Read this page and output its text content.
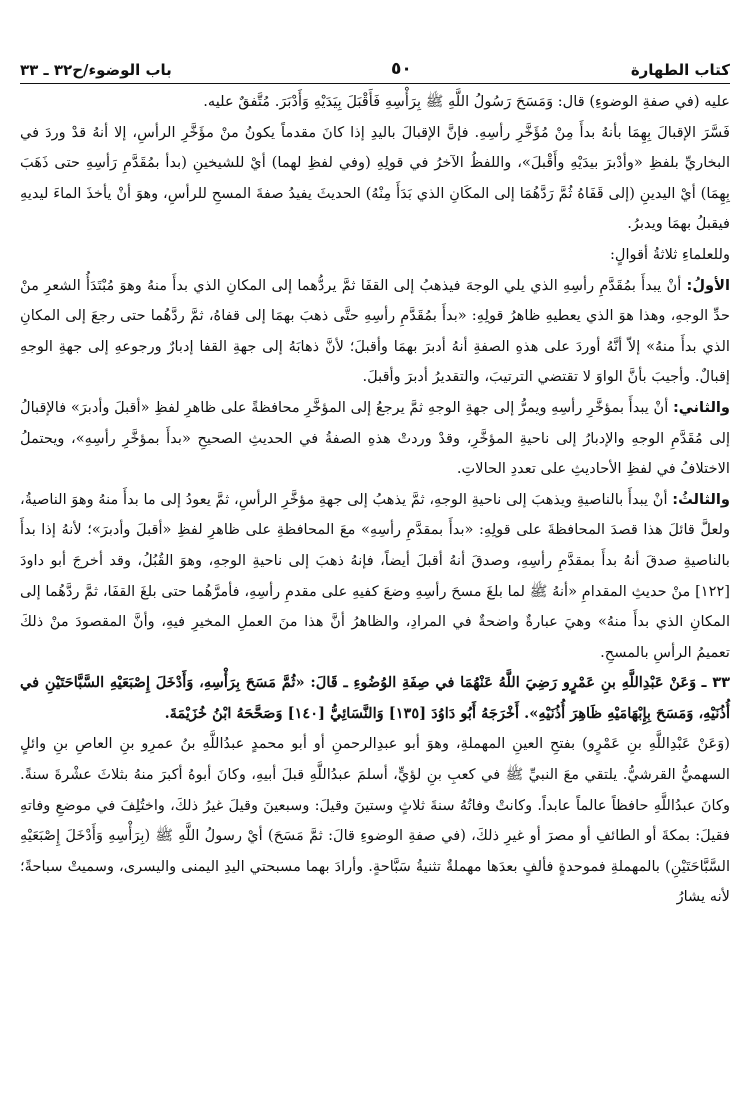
كتاب الطهارة
٥٠
باب الوضوء/ح٣٢ ـ ٣٣

عليه (في صفةِ الوضوءِ) قال: وَمَسَحَ رَسُولُ اللَّهِ ﷺ بِرَأْسِهِ فَأَقْبَلَ بِيَدَيْهِ وَأَدْبَرَ. مُتَّفقٌ عليه.

فَسَّرَ الإقبالَ بِهِمَا بأنهُ بدأَ مِنْ مُؤَخَّرِ رأسِهِ. فإنَّ الإقبالَ باليدِ إذا كانَ مقدماً يكونُ منْ مؤَخَّرِ الرأسِ، إلا أنهُ قدْ وردَ في البخاريِّ بلفظِ «وأدْبرَ بيدَيْهِ وأَقْبلَ»، واللفظُ الآخرُ في قولِهِ (وفي لفظِ لهما) أيْ للشيخينِ (بدأ بمُقَدَّمِ رَأسِهِ حتى ذَهَبَ بِهِمَا) أيْ اليدينِ (إلى قَفَاهُ ثُمَّ رَدَّهُمَا إلى المكَانِ الذي بَدَأَ مِنْهُ) الحديثَ يفيدُ صفةَ المسحِ للرأسِ، وهوَ أنْ يأخذَ الماءَ ليديهِ فيقبلُ بهمَا ويدبرُ.

وللعلماءِ ثلاثةُ أقوالٍ:

الأولُ: أنْ يبدأَ بمُقَدَّمِ رأسِهِ الذي يلي الوجهَ فيذهبُ إلى القفَا ثمَّ يردُّهما إلى المكانِ الذي بدأَ منهُ وهوَ مُبْتَدَأُ الشعرِ منْ حدِّ الوجهِ، وهذا هوَ الذي يعطيهِ ظاهرُ قولِهِ: «بدأَ بمُقَدَّمِ رأسِهِ حتَّى ذهبَ بهمَا إلى قفاهُ، ثمَّ ردَّهُما حتى رجعَ إلى المكانِ الذي بدأَ منهُ» إلاّ أنَّهُ أوردَ على هذهِ الصفةِ أنهُ أدبرَ بهمَا وأقبلَ؛ لأنَّ ذهابَهُ إلى جهةِ القفا إدبارٌ ورجوعهِ إلى جهةِ الوجهِ إقبالٌ. وأجيبَ بأنَّ الواوَ لا تقتضي الترتيبَ، والتقديرُ أدبرَ وأقبلَ.

والثاني: أنْ يبدأَ بمؤخَّرِ رأسِهِ ويمرُّ إلى جهةِ الوجهِ ثمَّ يرجعُ إلى المؤخَّرِ محافظةً على ظاهرِ لفظِ «أقبلَ وأدبرَ» فالإقبالُ إلى مُقَدَّمِ الوجهِ والإدبارُ إلى ناحيةِ المؤخَّرِ، وقدْ وردتْ هذهِ الصفةُ في الحديثِ الصحيحِ «بدأَ بمؤخَّرِ رأسِهِ»، ويحتملُ الاختلافُ في لفظِ الأحاديثِ على تعددِ الحالاتِ.

والثالثُ: أنْ يبدأَ بالناصيةِ ويذهبَ إلى ناحيةِ الوجهِ، ثمَّ يذهبُ إلى جهةِ مؤخَّرِ الرأسِ، ثمَّ يعودُ إلى ما بدأَ منهُ وهوَ الناصيةُ، ولعلَّ قائلَ هذا قصدَ المحافظةَ على قولِهِ: «بدأَ بمقدَّمِ رأسِهِ» معَ المحافظةِ على ظاهرِ لفظِ «أقبلَ وأدبرَ»؛ لأنهُ إذا بدأَ بالناصيةِ صدقَ أنهُ بدأَ بمقدَّمِ رأسِهِ، وصدقَ أنهُ أقبلَ أيضاً، فإنهُ ذهبَ إلى ناحيةِ الوجهِ، وهوَ القُبُلُ، وقد أخرجَ أبو داودَ [١٢٢] منْ حديثِ المقدامِ «أنهُ ﷺ لما بلغَ مسحَ رأسِهِ وضعَ كفيهِ على مقدمِ رأسِهِ، فأمرَّهُما حتى بلغَ القفَا، ثمَّ ردَّهُما إلى المكانِ الذي بدأَ منهُ» وهيَ عبارةٌ واضحةٌ في المرادِ، والظاهرُ أنَّ هذا منَ العملِ المخيرِ فيهِ، وأنَّ المقصودَ منْ ذلكَ تعميمُ الرأسِ بالمسحِ.

٣٣ ـ وَعَنْ عَبْدِاللَّهِ بنِ عَمْرٍو رَضِيَ اللَّهُ عَنْهُمَا في صِفَةِ الوُضُوءِ ـ قَالَ: «ثُمَّ مَسَحَ بِرَأْسِهِ، وَأَدْخَلَ إِصْبَعَيْهِ السَّبَّاحَتَيْنِ في أُذُنَيْهِ، وَمَسَحَ بِإِبْهَامَيْهِ ظَاهِرَ أُذُنَيْهِ». أَخْرَجَهُ أَبُو دَاوُدَ [١٣٥] وَالنَّسَائِيُّ [١٤٠] وَصَحَّحَهُ ابْنُ خُزَيْمَةَ.

(وَعَنْ عَبْدِاللَّهِ بنِ عَمْرٍو) بفتحِ العينِ المهملةِ، وهوَ أبو عبدِالرحمنِ أو أبو محمدٍ عبدُاللَّهِ بنُ عمرِو بنِ العاصِ بنِ وائلٍ السهميُّ القرشيُّ. يلتقي معَ النبيِّ ﷺ في كعبِ بنِ لؤيٍّ، أسلمَ عبدُاللَّهِ قبلَ أبيهِ، وكانَ أبوهُ أكبرَ منهُ بثلاثَ عشْرةَ سنةً. وكانَ عبدُاللَّهِ حافظاً عالماً عابداً. وكانتْ وفاتُهُ سنةَ ثلاثٍ وستينَ وقيلَ: وسبعينَ وقيلَ غيرُ ذلكَ، واختُلِفَ في موضعِ وفاتهِ فقيلَ: بمكةَ أو الطائفِ أو مصرَ أو غيرِ ذلكَ، (في صفةِ الوضوءِ قالَ: ثمَّ مَسَحَ) أيْ رسولُ اللَّهِ ﷺ (بِرَأْسِهِ وَأَدْخَلَ إِصْبَعَيْهِ السَّبَّاحَتَيْنِ) بالمهملةِ فموحدةٍ فألفٍ بعدَها مهملةٌ تثنيةُ سَبَّاحةٍ. وأرادَ بهما مسبحتي اليدِ اليمنى واليسرى، وسميتْ سباحةً؛ لأنه يشارُ
